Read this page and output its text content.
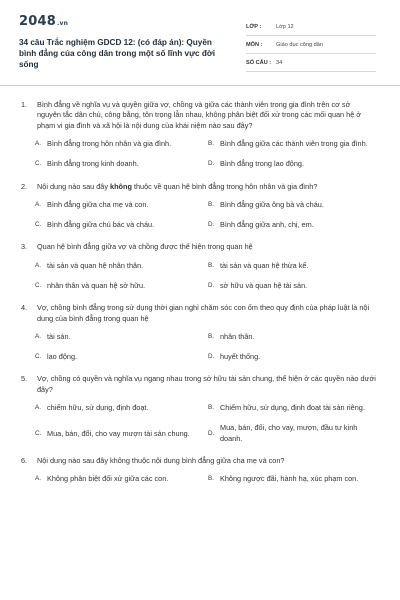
2048.vn
34 câu Trắc nghiệm GDCD 12: (có đáp án): Quyền bình đẳng của công dân trong một số lĩnh vực đời sống
LỚP :	Lớp 12
MÔN :	Giáo dục công dân
SỐ CÂU : 34
1.	Bình đẳng về nghĩa vụ và quyền giữa vợ, chồng và giữa các thành viên trong gia đình trên cơ sở nguyên tắc dân chủ, công bằng, tôn trọng lẫn nhau, không phân biệt đối xử trong các mối quan hệ ở phạm vi gia đình và xã hội là nội dung của khái niệm nào sau đây?
A. Bình đẳng trong hôn nhân và gia đình.	B. Bình đẳng giữa các thành viên trong gia đình.
C. Bình đẳng trong kinh doanh.	D. Bình đẳng trong lao động.
2.	Nội dung nào sau đây không thuộc về quan hệ bình đẳng trong hôn nhân và gia đình?
A. Bình đẳng giữa cha mẹ và con.	B. Bình đẳng giữa ông bà và cháu.
C. Bình đẳng giữa chú bác và cháu.	D. Bình đẳng giữa anh, chị, em.
3.	Quan hệ bình đẳng giữa vợ và chồng được thể hiện trong quan hệ
A. tài sản và quan hệ nhân thân.	B. tài sản và quan hệ thừa kế.
C. nhân thân và quan hệ sở hữu.	D. sở hữu và quan hệ tài sản.
4.	Vợ, chồng bình đẳng trong sử dụng thời gian nghỉ chăm sóc con ốm theo quy định của pháp luật là nội dung của bình đẳng trong quan hệ
A. tài sản.	B. nhân thân.
C. lao động.	D. huyết thống.
5.	Vợ, chồng có quyền và nghĩa vụ ngang nhau trong sở hữu tài sản chung, thể hiện ở các quyền nào dưới đây?
A. chiếm hữu, sử dụng, định đoạt.	B. Chiếm hữu, sử dụng, định đoạt tài sản riêng.
C. Mua, bán, đổi, cho vay mượn tài sản chung.	D.
Mua, bán, đổi, cho vay, mượn, đầu tư kinh doanh.
6.	Nội dung nào sau đây không thuộc nội dung bình đẳng giữa cha mẹ và con?
A. Không phân biệt đối xử giữa các con.	B. Không ngược đãi, hành hạ, xúc phạm con.
